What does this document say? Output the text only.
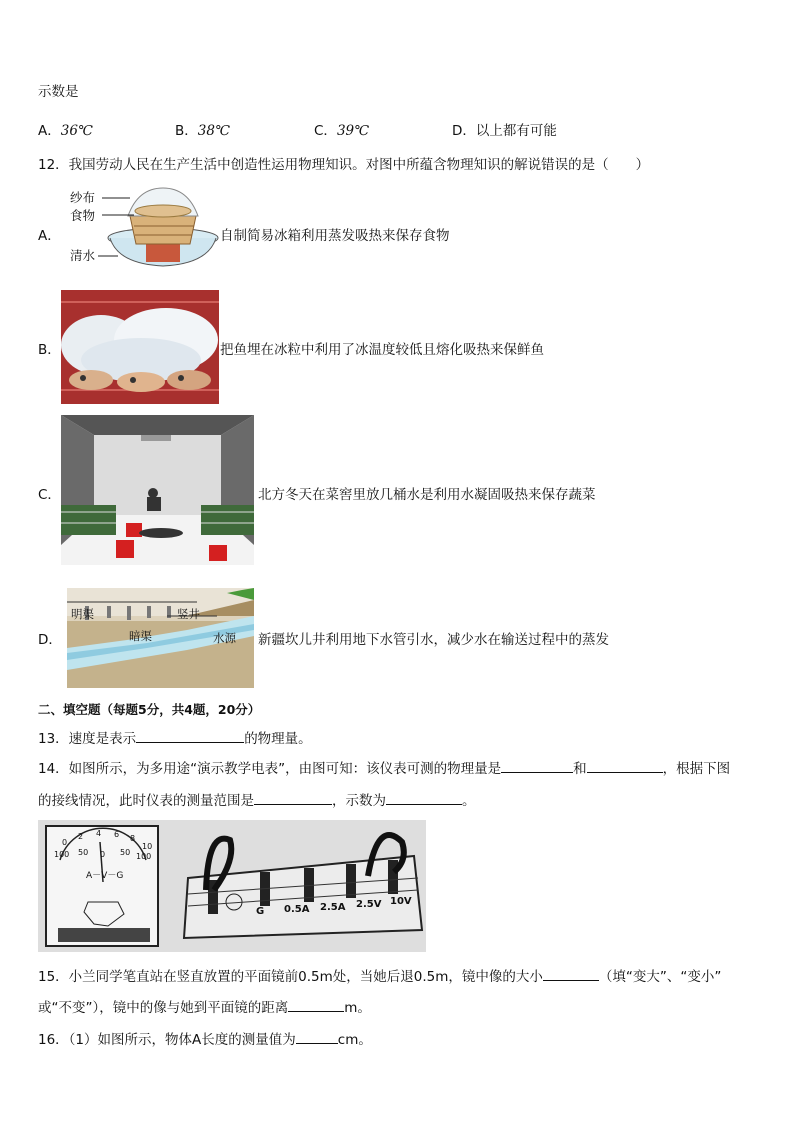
示数是
A．36℃	B．38℃	C．39℃	D．以上都有可能
12．我国劳动人民在生产生活中创造性运用物理知识。对图中所蕴含物理知识的解说错误的是（　　）
A．
纱布
食物
清水
自制简易冰箱利用蒸发吸热来保存食物
B．	把鱼埋在冰粒中利用了冰温度较低且熔化吸热来保鲜鱼
C．	北方冬天在菜窖里放几桶水是利用水凝固吸热来保存蔬菜
D．
明渠	竖井
暗渠	水源 新疆坎儿井利用地下水管引水，减少水在输送过程中的蒸发
二、填空题（每题5分，共4题，20分）
13．速度是表示	的物理量。
14．如图所示，为多用途“演示教学电表”，由图可知：该仪表可测的物理量是	和	，根据下图
的接线情况，此时仪表的测量范围是	，示数为	。
0
2 4 6 8
10
100 50 0 50 100
A－V－G
G 0.5A 2.5A 2.5V 10V
15．小兰同学笔直站在竖直放置的平面镜前0.5m处，当她后退0.5m，镜中像的大小	（填“变大”、“变小”
或“不变”），镜中的像与她到平面镜的距离	m。
16．（1）如图所示，物体A长度的测量值为	cm。
